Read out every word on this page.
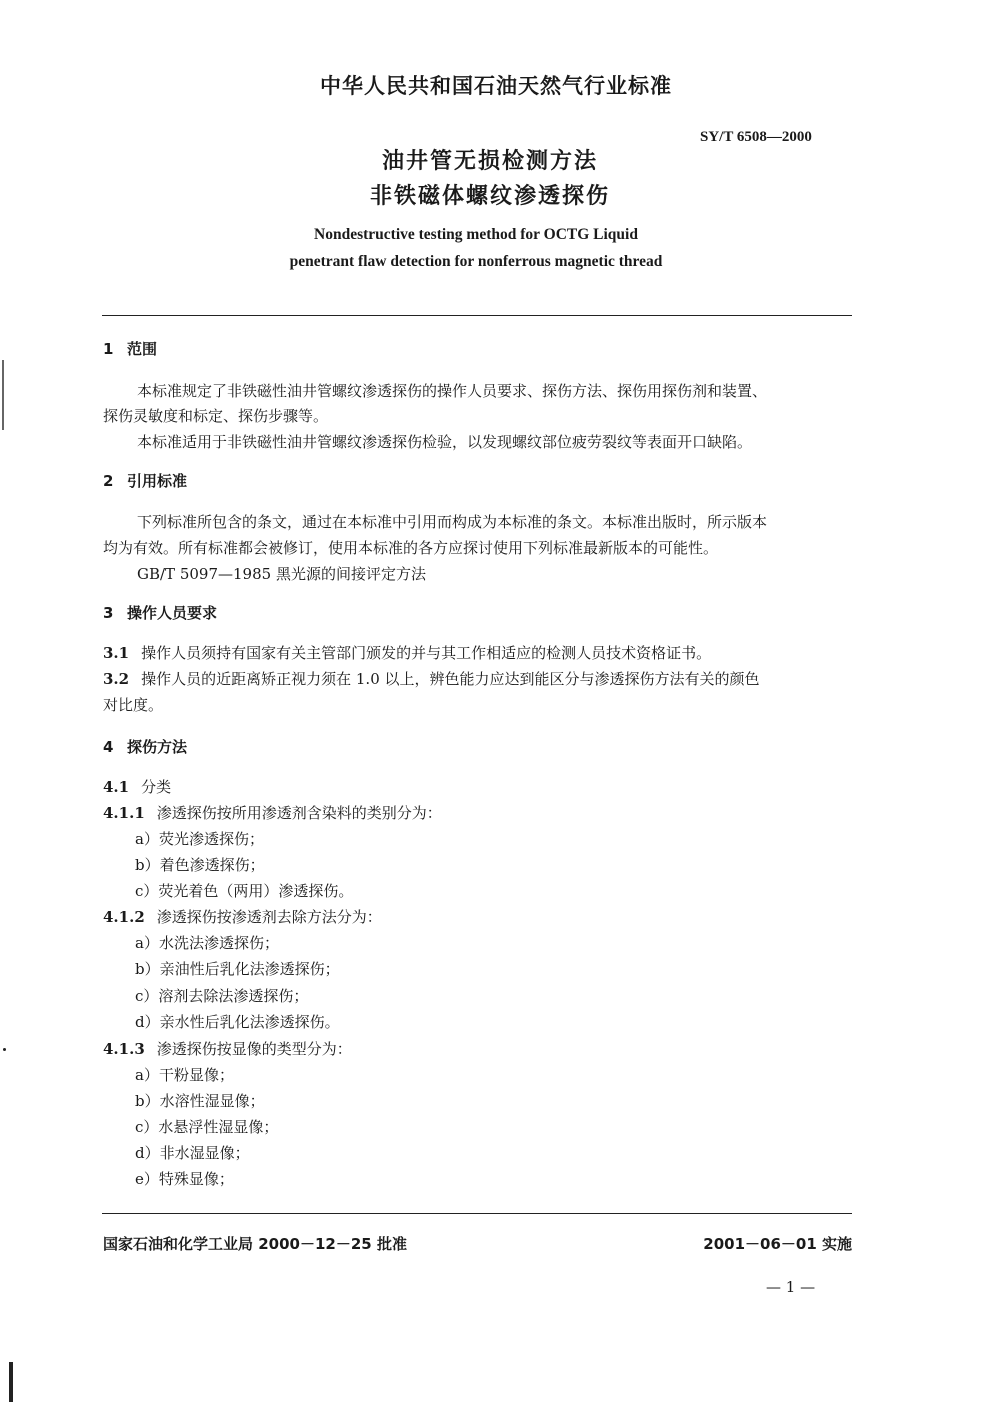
中华人民共和国石油天然气行业标准
SY/T 6508—2000
油井管无损检测方法
非铁磁体螺纹渗透探伤
Nondestructive testing method for OCTG Liquid
penetrant flaw detection for nonferrous magnetic thread
1 范围
本标准规定了非铁磁性油井管螺纹渗透探伤的操作人员要求、探伤方法、探伤用探伤剂和装置、
探伤灵敏度和标定、探伤步骤等。
本标准适用于非铁磁性油井管螺纹渗透探伤检验，以发现螺纹部位疲劳裂纹等表面开口缺陷。
2 引用标准
下列标准所包含的条文，通过在本标准中引用而构成为本标准的条文。本标准出版时，所示版本
均为有效。所有标准都会被修订，使用本标准的各方应探讨使用下列标准最新版本的可能性。
GB/T 5097—1985 黑光源的间接评定方法
3 操作人员要求
3.1 操作人员须持有国家有关主管部门颁发的并与其工作相适应的检测人员技术资格证书。
3.2 操作人员的近距离矫正视力须在 1.0 以上，辨色能力应达到能区分与渗透探伤方法有关的颜色
对比度。
4 探伤方法
4.1 分类
4.1.1 渗透探伤按所用渗透剂含染料的类别分为：
a）荧光渗透探伤；
b）着色渗透探伤；
c）荧光着色（两用）渗透探伤。
4.1.2 渗透探伤按渗透剂去除方法分为：
a）水洗法渗透探伤；
b）亲油性后乳化法渗透探伤；
c）溶剂去除法渗透探伤；
d）亲水性后乳化法渗透探伤。
4.1.3 渗透探伤按显像的类型分为：
a）干粉显像；
b）水溶性湿显像；
c）水悬浮性湿显像；
d）非水湿显像；
e）特殊显像；
国家石油和化学工业局 2000－12－25 批准	2001－06－01 实施
— 1 —
